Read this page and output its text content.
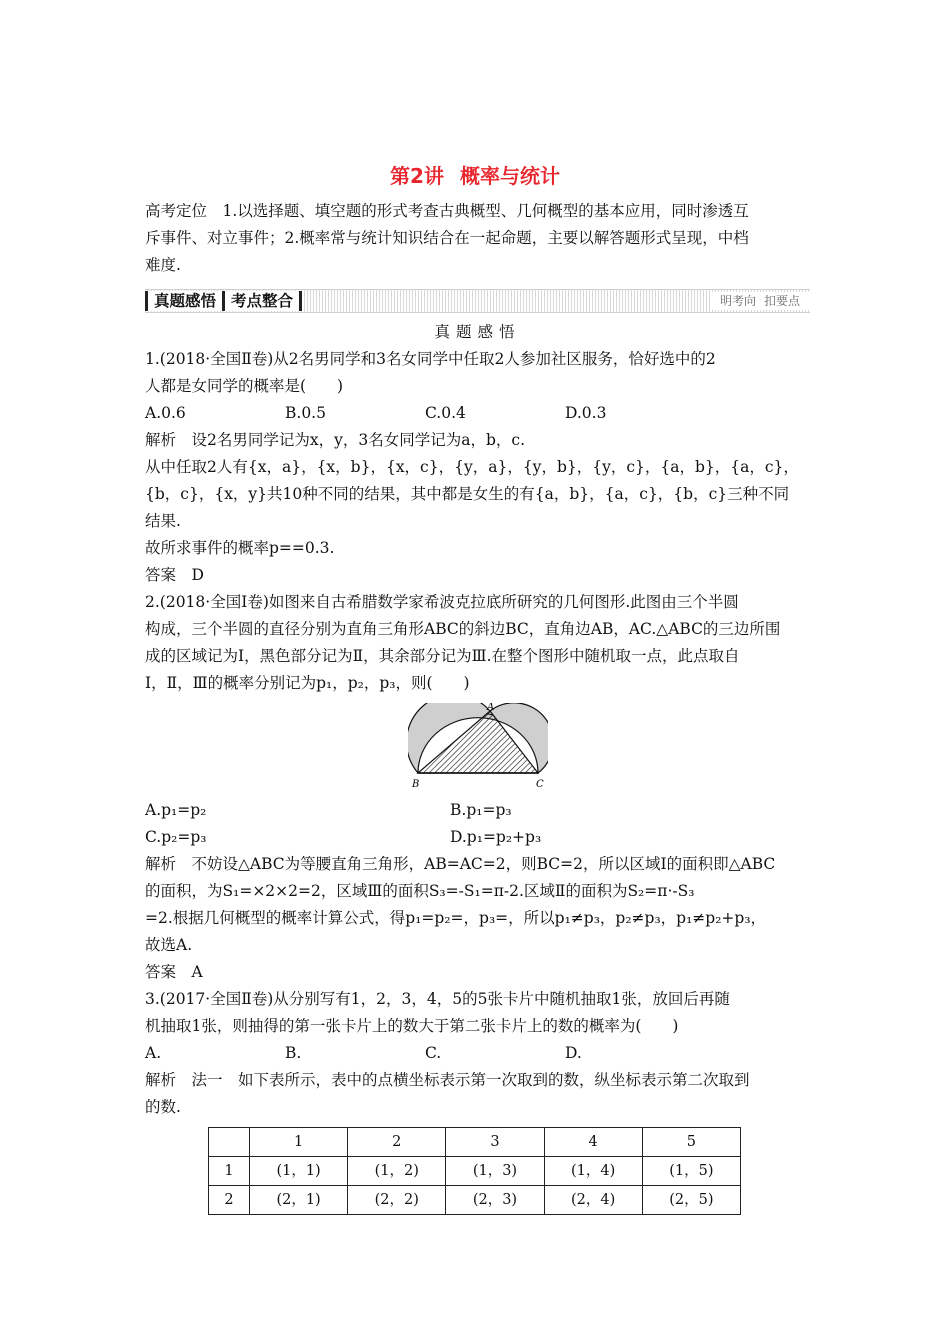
第2讲 概率与统计
高考定位　1.以选择题、填空题的形式考查古典概型、几何概型的基本应用，同时渗透互
斥事件、对立事件；2.概率常与统计知识结合在一起命题，主要以解答题形式呈现，中档
难度.
真题感悟 考点整合	明考向 扣要点
真题感悟
1.(2018·全国Ⅱ卷)从2名男同学和3名女同学中任取2人参加社区服务，恰好选中的2
人都是女同学的概率是(　　)
A.0.6	B.0.5	C.0.4	D.0.3
解析　设2名男同学记为x，y，3名女同学记为a，b，c.
从中任取2人有{x，a}，{x，b}，{x，c}，{y，a}，{y，b}，{y，c}，{a，b}，{a，c}，
{b，c}，{x，y}共10种不同的结果，其中都是女生的有{a，b}，{a，c}，{b，c}三种不同
结果.
故所求事件的概率p==0.3.
答案　D
2.(2018·全国Ⅰ卷)如图来自古希腊数学家希波克拉底所研究的几何图形.此图由三个半圆
构成，三个半圆的直径分别为直角三角形ABC的斜边BC，直角边AB，AC.△ABC的三边所围
成的区域记为Ⅰ，黑色部分记为Ⅱ，其余部分记为Ⅲ.在整个图形中随机取一点，此点取自
Ⅰ，Ⅱ，Ⅲ的概率分别记为p₁，p₂，p₃，则(　　)
A
B	C
A.p₁=p₂	B.p₁=p₃
C.p₂=p₃	D.p₁=p₂+p₃
解析　不妨设△ABC为等腰直角三角形，AB=AC=2，则BC=2，所以区域Ⅰ的面积即△ABC
的面积，为S₁=×2×2=2，区域Ⅲ的面积S₃=-S₁=π-2.区域Ⅱ的面积为S₂=π·-S₃
=2.根据几何概型的概率计算公式，得p₁=p₂=，p₃=，所以p₁≠p₃，p₂≠p₃，p₁≠p₂+p₃，
故选A.
答案　A
3.(2017·全国Ⅱ卷)从分别写有1，2，3，4，5的5张卡片中随机抽取1张，放回后再随
机抽取1张，则抽得的第一张卡片上的数大于第二张卡片上的数的概率为(　　)
A.	B.	C.	D.
解析　法一　如下表所示，表中的点横坐标表示第一次取到的数，纵坐标表示第二次取到
的数.
	1	2	3	4	5
1	(1，1)	(1，2)	(1，3)	(1，4)	(1，5)
2	(2，1)	(2，2)	(2，3)	(2，4)	(2，5)
